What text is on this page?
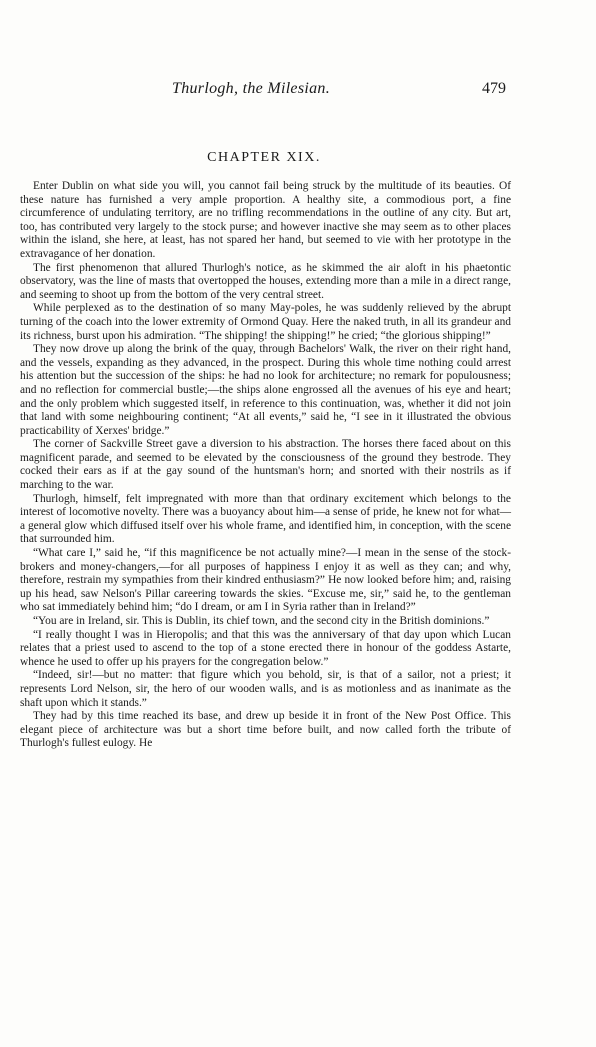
Thurlogh, the Milesian.	479
CHAPTER XIX.

Enter Dublin on what side you will, you cannot fail being struck by the multitude of its beauties. Of these nature has furnished a very ample proportion. A healthy site, a commodious port, a fine circumference of undulating territory, are no trifling recommendations in the outline of any city. But art, too, has contributed very largely to the stock purse; and however inactive she may seem as to other places within the island, she here, at least, has not spared her hand, but seemed to vie with her prototype in the extravagance of her donation.

The first phenomenon that allured Thurlogh's notice, as he skimmed the air aloft in his phaetontic observatory, was the line of masts that overtopped the houses, extending more than a mile in a direct range, and seeming to shoot up from the bottom of the very central street.

While perplexed as to the destination of so many May-poles, he was suddenly relieved by the abrupt turning of the coach into the lower extremity of Ormond Quay. Here the naked truth, in all its grandeur and its richness, burst upon his admiration. “The shipping! the shipping!” he cried; “the glorious shipping!”

They now drove up along the brink of the quay, through Bachelors' Walk, the river on their right hand, and the vessels, expanding as they advanced, in the prospect. During this whole time nothing could arrest his attention but the succession of the ships: he had no look for architecture; no remark for populousness; and no reflection for commercial bustle;—the ships alone engrossed all the avenues of his eye and heart; and the only problem which suggested itself, in reference to this continuation, was, whether it did not join that land with some neighbouring continent; “At all events,” said he, “I see in it illustrated the obvious practicability of Xerxes' bridge.”

The corner of Sackville Street gave a diversion to his abstraction. The horses there faced about on this magnificent parade, and seemed to be elevated by the consciousness of the ground they bestrode. They cocked their ears as if at the gay sound of the huntsman's horn; and snorted with their nostrils as if marching to the war.

Thurlogh, himself, felt impregnated with more than that ordinary excitement which belongs to the interest of locomotive novelty. There was a buoyancy about him—a sense of pride, he knew not for what—a general glow which diffused itself over his whole frame, and identified him, in conception, with the scene that surrounded him.

“What care I,” said he, “if this magnificence be not actually mine?—I mean in the sense of the stock-brokers and money-changers,—for all purposes of happiness I enjoy it as well as they can; and why, therefore, restrain my sympathies from their kindred enthusiasm?” He now looked before him; and, raising up his head, saw Nelson's Pillar careering towards the skies. “Excuse me, sir,” said he, to the gentleman who sat immediately behind him; “do I dream, or am I in Syria rather than in Ireland?”

“You are in Ireland, sir. This is Dublin, its chief town, and the second city in the British dominions.”

“I really thought I was in Hieropolis; and that this was the anniversary of that day upon which Lucan relates that a priest used to ascend to the top of a stone erected there in honour of the goddess Astarte, whence he used to offer up his prayers for the congregation below.”

“Indeed, sir!—but no matter: that figure which you behold, sir, is that of a sailor, not a priest; it represents Lord Nelson, sir, the hero of our wooden walls, and is as motionless and as inanimate as the shaft upon which it stands.”

They had by this time reached its base, and drew up beside it in front of the New Post Office. This elegant piece of architecture was but a short time before built, and now called forth the tribute of Thurlogh's fullest eulogy. He
